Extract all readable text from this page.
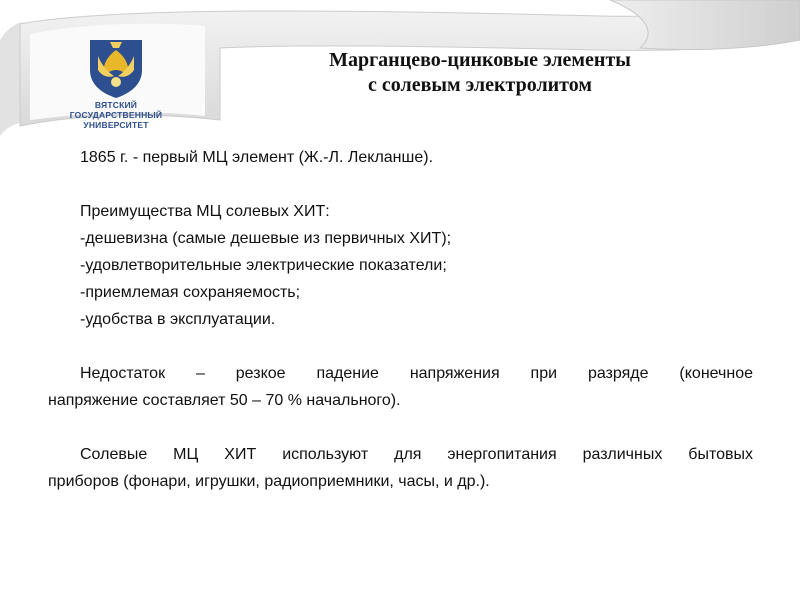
ВЯТСКИЙ
ГОСУДАРСТВЕННЫЙ
УНИВЕРСИТЕТ
Марганцево-цинковые элементы
с солевым электролитом

1865 г. - первый МЦ элемент (Ж.-Л. Лекланше).

Преимущества МЦ солевых ХИТ:

-дешевизна (самые дешевые из первичных ХИТ);

-удовлетворительные электрические показатели;

-приемлемая сохраняемость;

-удобства в эксплуатации.

Недостаток – резкое падение напряжения при разряде (конечное

напряжение составляет 50 – 70 % начального).

Солевые МЦ ХИТ используют для энергопитания различных бытовых

приборов (фонари, игрушки, радиоприемники, часы, и др.).
